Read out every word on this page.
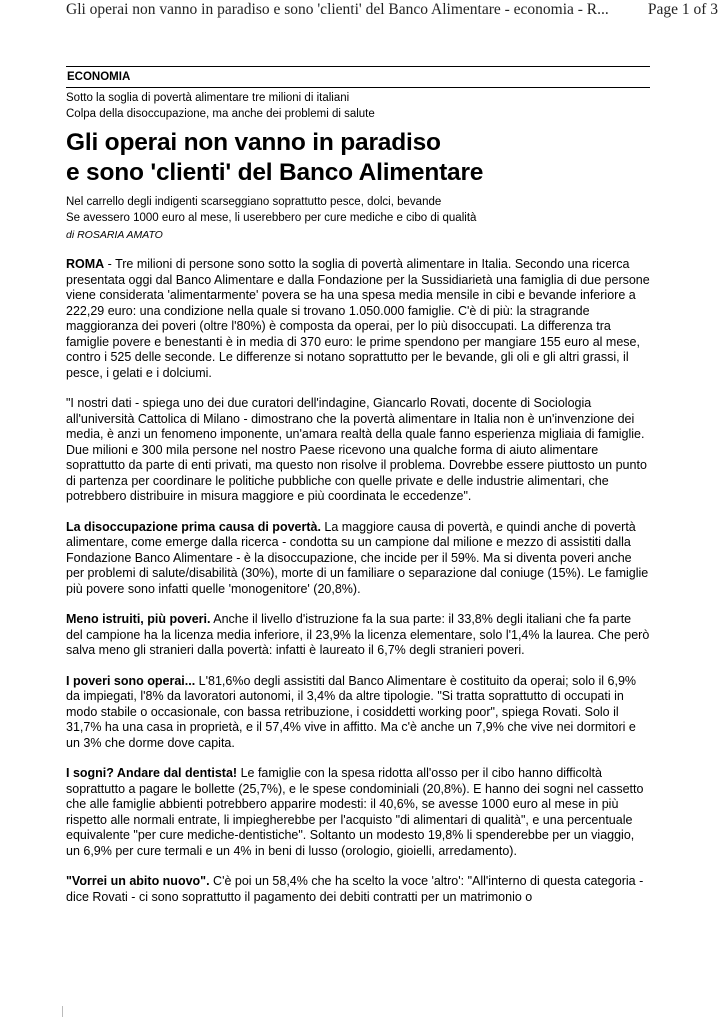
Gli operai non vanno in paradiso e sono 'clienti' del Banco Alimentare - economia - R...	Page 1 of 3
ECONOMIA
Sotto la soglia di povertà alimentare tre milioni di italiani
Colpa della disoccupazione, ma anche dei problemi di salute
Gli operai non vanno in paradiso
e sono 'clienti' del Banco Alimentare
Nel carrello degli indigenti scarseggiano soprattutto pesce, dolci, bevande
Se avessero 1000 euro al mese, li userebbero per cure mediche e cibo di qualità
di ROSARIA AMATO

ROMA - Tre milioni di persone sono sotto la soglia di povertà alimentare in Italia. Secondo una ricerca presentata oggi dal Banco Alimentare e dalla Fondazione per la Sussidiarietà una famiglia di due persone viene considerata 'alimentarmente' povera se ha una spesa media mensile in cibi e bevande inferiore a 222,29 euro: una condizione nella quale si trovano 1.050.000 famiglie. C'è di più: la stragrande maggioranza dei poveri (oltre l'80%) è composta da operai, per lo più disoccupati. La differenza tra famiglie povere e benestanti è in media di 370 euro: le prime spendono per mangiare 155 euro al mese, contro i 525 delle seconde. Le differenze si notano soprattutto per le bevande, gli oli e gli altri grassi, il pesce, i gelati e i dolciumi.

"I nostri dati - spiega uno dei due curatori dell'indagine, Giancarlo Rovati, docente di Sociologia all'università Cattolica di Milano - dimostrano che la povertà alimentare in Italia non è un'invenzione dei media, è anzi un fenomeno imponente, un'amara realtà della quale fanno esperienza migliaia di famiglie. Due milioni e 300 mila persone nel nostro Paese ricevono una qualche forma di aiuto alimentare soprattutto da parte di enti privati, ma questo non risolve il problema. Dovrebbe essere piuttosto un punto di partenza per coordinare le politiche pubbliche con quelle private e delle industrie alimentari, che potrebbero distribuire in misura maggiore e più coordinata le eccedenze".

La disoccupazione prima causa di povertà. La maggiore causa di povertà, e quindi anche di povertà alimentare, come emerge dalla ricerca - condotta su un campione dal milione e mezzo di assistiti dalla Fondazione Banco Alimentare - è la disoccupazione, che incide per il 59%. Ma si diventa poveri anche per problemi di salute/disabilità (30%), morte di un familiare o separazione dal coniuge (15%). Le famiglie più povere sono infatti quelle 'monogenitore' (20,8%).

Meno istruiti, più poveri. Anche il livello d'istruzione fa la sua parte: il 33,8% degli italiani che fa parte del campione ha la licenza media inferiore, il 23,9% la licenza elementare, solo l'1,4% la laurea. Che però salva meno gli stranieri dalla povertà: infatti è laureato il 6,7% degli stranieri poveri.

I poveri sono operai... L'81,6%o degli assistiti dal Banco Alimentare è costituito da operai; solo il 6,9% da impiegati, l'8% da lavoratori autonomi, il 3,4% da altre tipologie. "Si tratta soprattutto di occupati in modo stabile o occasionale, con bassa retribuzione, i cosiddetti working poor", spiega Rovati. Solo il 31,7% ha una casa in proprietà, e il 57,4% vive in affitto. Ma c'è anche un 7,9% che vive nei dormitori e un 3% che dorme dove capita.

I sogni? Andare dal dentista! Le famiglie con la spesa ridotta all'osso per il cibo hanno difficoltà soprattutto a pagare le bollette (25,7%), e le spese condominiali (20,8%). E hanno dei sogni nel cassetto che alle famiglie abbienti potrebbero apparire modesti: il 40,6%, se avesse 1000 euro al mese in più rispetto alle normali entrate, li impiegherebbe per l'acquisto "di alimentari di qualità", e una percentuale equivalente "per cure mediche-dentistiche". Soltanto un modesto 19,8% li spenderebbe per un viaggio, un 6,9% per cure termali e un 4% in beni di lusso (orologio, gioielli, arredamento).

"Vorrei un abito nuovo". C'è poi un 58,4% che ha scelto la voce 'altro': "All'interno di questa categoria - dice Rovati - ci sono soprattutto il pagamento dei debiti contratti per un matrimonio o
